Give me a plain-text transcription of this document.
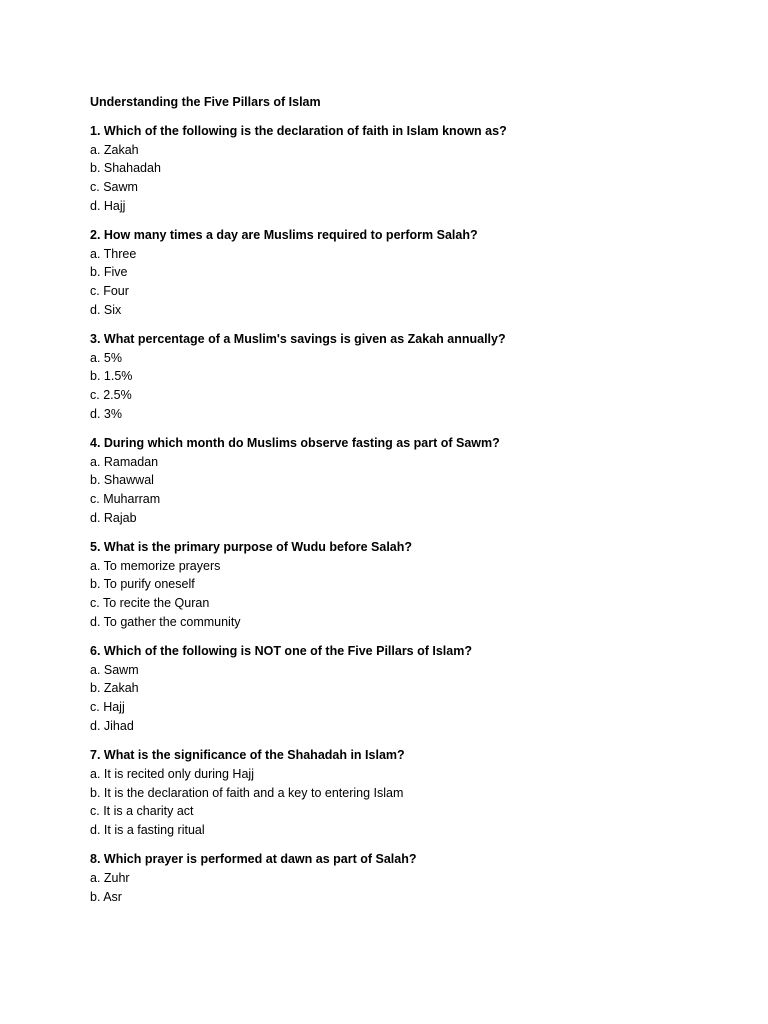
Understanding the Five Pillars of Islam
1. Which of the following is the declaration of faith in Islam known as?
a. Zakah
b. Shahadah
c. Sawm
d. Hajj
2. How many times a day are Muslims required to perform Salah?
a. Three
b. Five
c. Four
d. Six
3. What percentage of a Muslim's savings is given as Zakah annually?
a. 5%
b. 1.5%
c. 2.5%
d. 3%
4. During which month do Muslims observe fasting as part of Sawm?
a. Ramadan
b. Shawwal
c. Muharram
d. Rajab
5. What is the primary purpose of Wudu before Salah?
a. To memorize prayers
b. To purify oneself
c. To recite the Quran
d. To gather the community
6. Which of the following is NOT one of the Five Pillars of Islam?
a. Sawm
b. Zakah
c. Hajj
d. Jihad
7. What is the significance of the Shahadah in Islam?
a. It is recited only during Hajj
b. It is the declaration of faith and a key to entering Islam
c. It is a charity act
d. It is a fasting ritual
8. Which prayer is performed at dawn as part of Salah?
a. Zuhr
b. Asr
